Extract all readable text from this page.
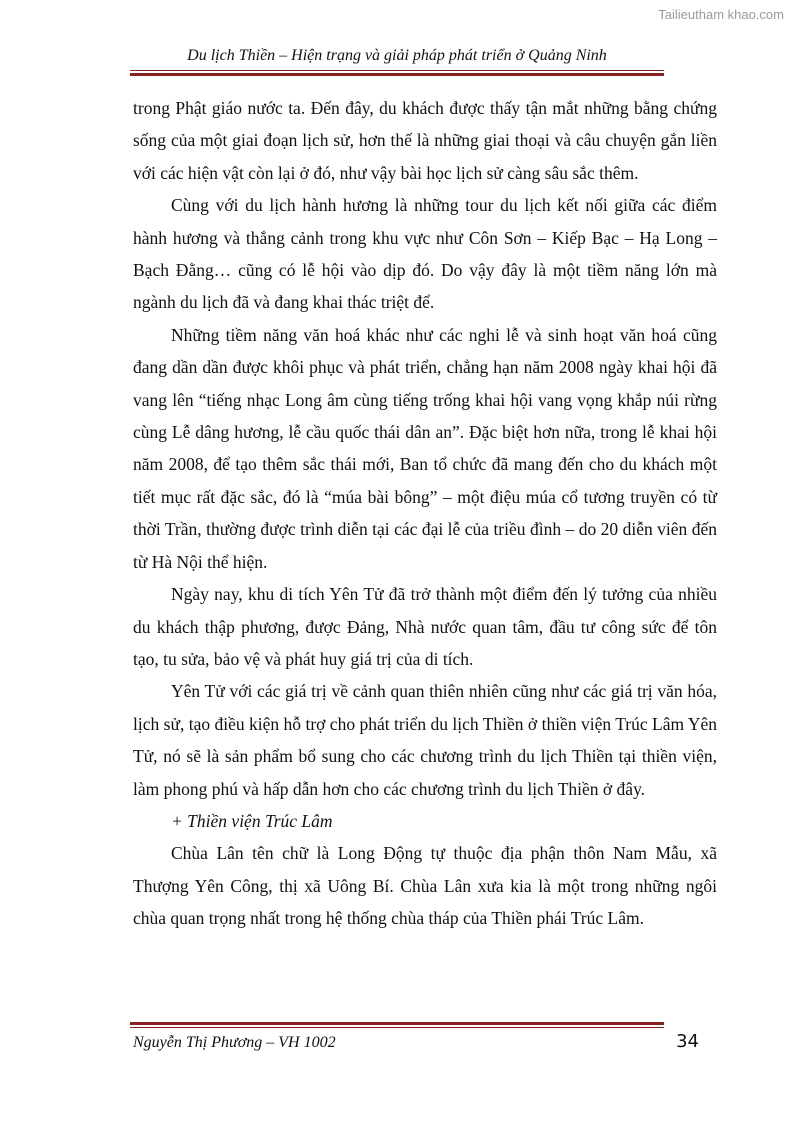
Tailieutham khao.com
Du lịch Thiền – Hiện trạng và giải pháp phát triển ở Quảng Ninh

trong Phật giáo nước ta. Đến đây, du khách được thấy tận mắt những bằng chứng sống của một giai đoạn lịch sử, hơn thế là những giai thoại và câu chuyện gắn liền với các hiện vật còn lại ở đó, như vậy bài học lịch sử càng sâu sắc thêm.

Cùng với du lịch hành hương là những tour du lịch kết nối giữa các điểm hành hương và thắng cảnh trong khu vực như Côn Sơn – Kiếp Bạc – Hạ Long – Bạch Đằng… cũng có lễ hội vào dịp đó. Do vậy đây là một tiềm năng lớn mà ngành du lịch đã và đang khai thác triệt để.

Những tiềm năng văn hoá khác như các nghi lễ và sinh hoạt văn hoá cũng đang dần dần được khôi phục và phát triển, chẳng hạn năm 2008 ngày khai hội đã vang lên “tiếng nhạc Long âm cùng tiếng trống khai hội vang vọng khắp núi rừng cùng Lễ dâng hương, lễ cầu quốc thái dân an”. Đặc biệt hơn nữa, trong lễ khai hội năm 2008, để tạo thêm sắc thái mới, Ban tổ chức đã mang đến cho du khách một tiết mục rất đặc sắc, đó là “múa bài bông” – một điệu múa cổ tương truyền có từ thời Trần, thường được trình diễn tại các đại lễ của triều đình – do 20 diễn viên đến từ Hà Nội thể hiện.

Ngày nay, khu di tích Yên Tử đã trở thành một điểm đến lý tưởng của nhiều du khách thập phương, được Đảng, Nhà nước quan tâm, đầu tư công sức để tôn tạo, tu sửa, bảo vệ và phát huy giá trị của di tích.

Yên Tử với các giá trị về cảnh quan thiên nhiên cũng như các giá trị văn hóa, lịch sử, tạo điều kiện hỗ trợ cho phát triển du lịch Thiền ở thiền viện Trúc Lâm Yên Tử, nó sẽ là sản phẩm bổ sung cho các chương trình du lịch Thiền tại thiền viện, làm phong phú và hấp dẫn hơn cho các chương trình du lịch Thiền ở đây.

+ Thiền viện Trúc Lâm

Chùa Lân tên chữ là Long Động tự thuộc địa phận thôn Nam Mẫu, xã Thượng Yên Công, thị xã Uông Bí. Chùa Lân xưa kia là một trong những ngôi chùa quan trọng nhất trong hệ thống chùa tháp của Thiền phái Trúc Lâm.

Nguyễn Thị Phương – VH 1002	34
